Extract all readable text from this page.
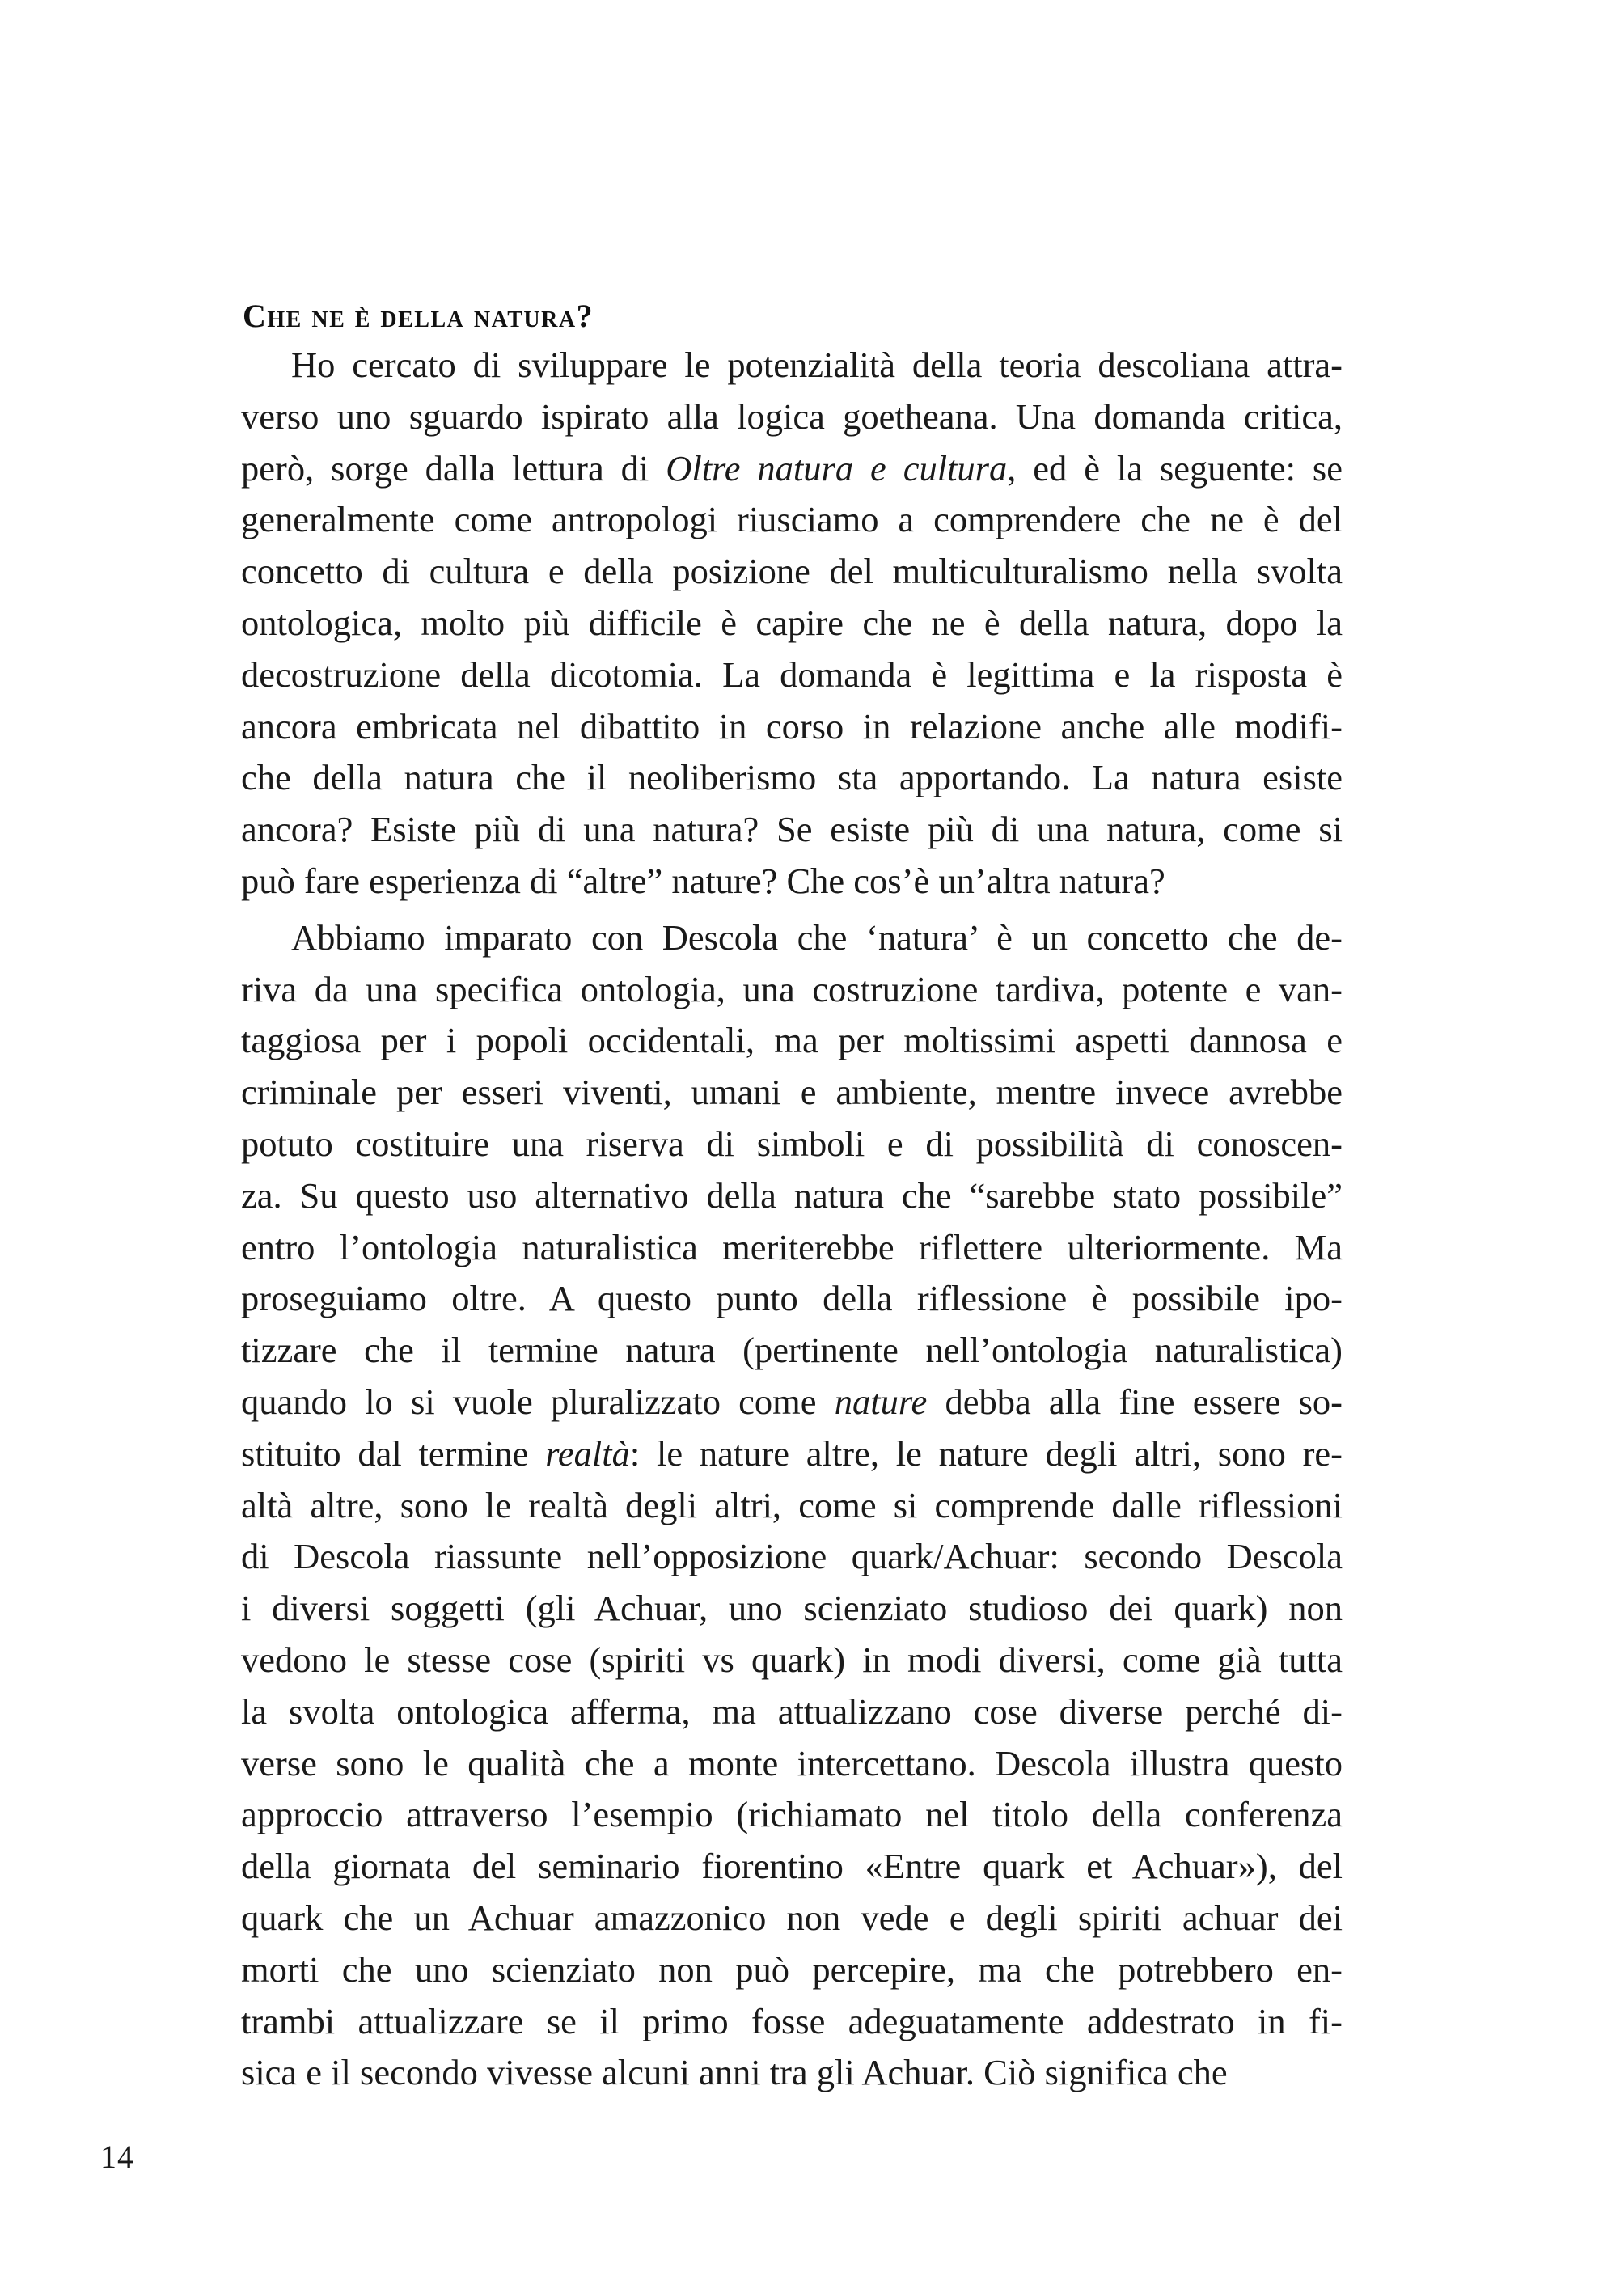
Che ne è della natura?
Ho cercato di sviluppare le potenzialità della teoria descoliana attra-
verso uno sguardo ispirato alla logica goetheana. Una domanda critica,
però, sorge dalla lettura di Oltre natura e cultura, ed è la seguente: se
generalmente come antropologi riusciamo a comprendere che ne è del
concetto di cultura e della posizione del multiculturalismo nella svolta
ontologica, molto più difficile è capire che ne è della natura, dopo la
decostruzione della dicotomia. La domanda è legittima e la risposta è
ancora embricata nel dibattito in corso in relazione anche alle modifi-
che della natura che il neoliberismo sta apportando. La natura esiste
ancora? Esiste più di una natura? Se esiste più di una natura, come si
può fare esperienza di “altre” nature? Che cos’è un’altra natura?
Abbiamo imparato con Descola che ‘natura’ è un concetto che de-
riva da una specifica ontologia, una costruzione tardiva, potente e van-
taggiosa per i popoli occidentali, ma per moltissimi aspetti dannosa e
criminale per esseri viventi, umani e ambiente, mentre invece avrebbe
potuto costituire una riserva di simboli e di possibilità di conoscen-
za. Su questo uso alternativo della natura che “sarebbe stato possibile”
entro l’ontologia naturalistica meriterebbe riflettere ulteriormente. Ma
proseguiamo oltre. A questo punto della riflessione è possibile ipo-
tizzare che il termine natura (pertinente nell’ontologia naturalistica)
quando lo si vuole pluralizzato come nature debba alla fine essere so-
stituito dal termine realtà: le nature altre, le nature degli altri, sono re-
altà altre, sono le realtà degli altri, come si comprende dalle riflessioni
di Descola riassunte nell’opposizione quark/Achuar: secondo Descola
i diversi soggetti (gli Achuar, uno scienziato studioso dei quark) non
vedono le stesse cose (spiriti vs quark) in modi diversi, come già tutta
la svolta ontologica afferma, ma attualizzano cose diverse perché di-
verse sono le qualità che a monte intercettano. Descola illustra questo
approccio attraverso l’esempio (richiamato nel titolo della conferenza
della giornata del seminario fiorentino «Entre quark et Achuar»), del
quark che un Achuar amazzonico non vede e degli spiriti achuar dei
morti che uno scienziato non può percepire, ma che potrebbero en-
trambi attualizzare se il primo fosse adeguatamente addestrato in fi-
sica e il secondo vivesse alcuni anni tra gli Achuar. Ciò significa che
14
